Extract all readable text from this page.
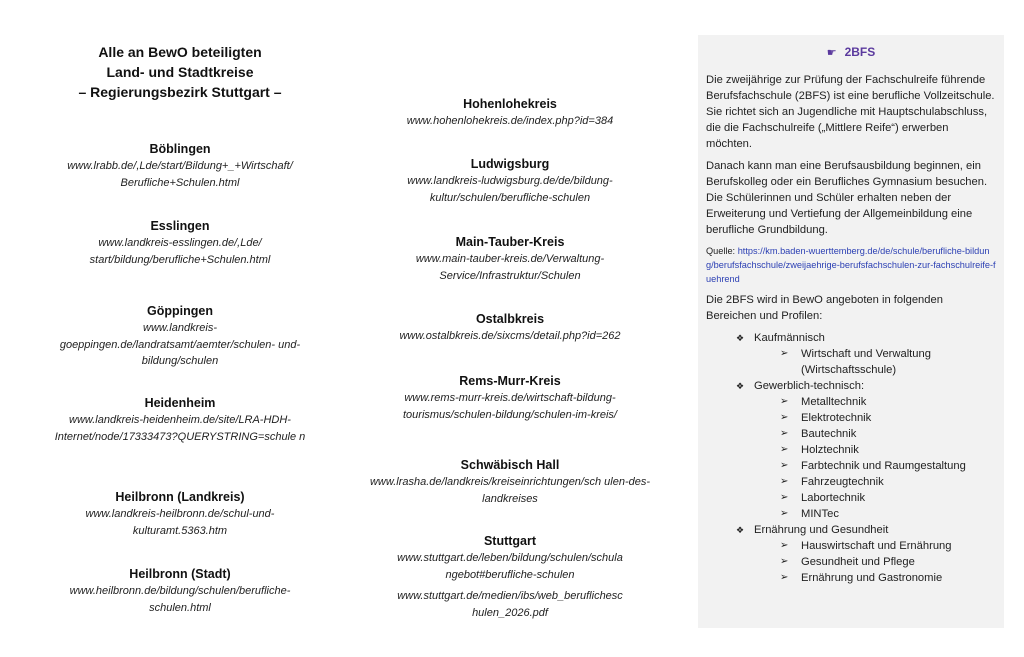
Alle an BewO beteiligten
Land- und Stadtkreise
– Regierungsbezirk Stuttgart –
Böblingen
www.lrabb.de/,Lde/start/Bildung+_+Wirtschaft/ Berufliche+Schulen.html
Esslingen
www.landkreis-esslingen.de/,Lde/ start/bildung/berufliche+Schulen.html
Göppingen
www.landkreis- goeppingen.de/landratsamt/aemter/schulen- und-bildung/schulen
Heidenheim
www.landkreis-heidenheim.de/site/LRA-HDH- Internet/node/17333473?QUERYSTRING=schule n
Heilbronn (Landkreis)
www.landkreis-heilbronn.de/schul-und- kulturamt.5363.htm
Heilbronn (Stadt)
www.heilbronn.de/bildung/schulen/berufliche- schulen.html
Hohenlohekreis
www.hohenlohekreis.de/index.php?id=384
Ludwigsburg
www.landkreis-ludwigsburg.de/de/bildung- kultur/schulen/berufliche-schulen
Main-Tauber-Kreis
www.main-tauber-kreis.de/Verwaltung- Service/Infrastruktur/Schulen
Ostalbkreis
www.ostalbkreis.de/sixcms/detail.php?id=262
Rems-Murr-Kreis
www.rems-murr-kreis.de/wirtschaft-bildung- tourismus/schulen-bildung/schulen-im-kreis/
Schwäbisch Hall
www.lrasha.de/landkreis/kreiseinrichtungen/sch ulen-des-landkreises
Stuttgart
www.stuttgart.de/leben/bildung/schulen/schula ngebot#berufliche-schulen
www.stuttgart.de/medien/ibs/web_beruflichesc hulen_2026.pdf
☛ 2BFS

Die zweijährige zur Prüfung der Fachschulreife führende Berufsfachschule (2BFS) ist eine berufliche Vollzeitschule. Sie richtet sich an Jugendliche mit Hauptschulabschluss, die die Fachschulreife („Mittlere Reife“) erwerben möchten.

Danach kann man eine Berufsausbildung beginnen, ein Berufskolleg oder ein Berufliches Gymnasium besuchen. Die Schülerinnen und Schüler erhalten neben der Erweiterung und Vertiefung der Allgemeinbildung eine berufliche Grundbildung.

Quelle: https://km.baden-wuerttemberg.de/de/schule/berufliche-bildung/berufsfachschule/zweijaehrige-berufsfachschulen-zur-fachschulreife-fuehrend

Die 2BFS wird in BewO angeboten in folgenden Bereichen und Profilen:

❖ Kaufmännisch
➢ Wirtschaft und Verwaltung (Wirtschaftsschule)
❖ Gewerblich-technisch:
➢ Metalltechnik
➢ Elektrotechnik
➢ Bautechnik
➢ Holztechnik
➢ Farbtechnik und Raumgestaltung
➢ Fahrzeugtechnik
➢ Labortechnik
➢ MINTec
❖ Ernährung und Gesundheit
➢ Hauswirtschaft und Ernährung
➢ Gesundheit und Pflege
➢ Ernährung und Gastronomie
